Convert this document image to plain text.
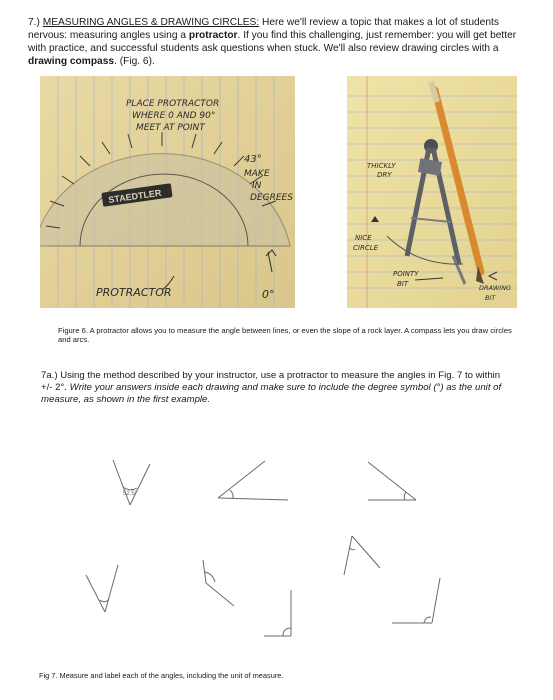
7.) MEASURING ANGLES & DRAWING CIRCLES: Here we'll review a topic that makes a lot of students nervous: measuring angles using a protractor. If you find this challenging, just remember: you will get better with practice, and successful students ask questions when stuck. We'll also review drawing circles with a drawing compass. (Fig. 6).
STAEDTLER
PLACE PROTRACTOR
WHERE 0 AND 90°
MEET AT POINT
43°
MAKE
IN
DEGREES
PROTRACTOR	0°
THICKLY
DRY
NICE
CIRCLE
POINTY
BIT	DRAWING
BIT
Figure 6. A protractor allows you to measure the angle between lines, or even the slope of a rock layer. A compass lets you draw circles and arcs.
7a.) Using the method described by your instructor, use a protractor to measure the angles in Fig. 7 to within +/- 2°. Write your answers inside each drawing and make sure to include the degree symbol (°) as the unit of measure, as shown in the first example.
52.5°
Fig 7. Measure and label each of the angles, including the unit of measure.
